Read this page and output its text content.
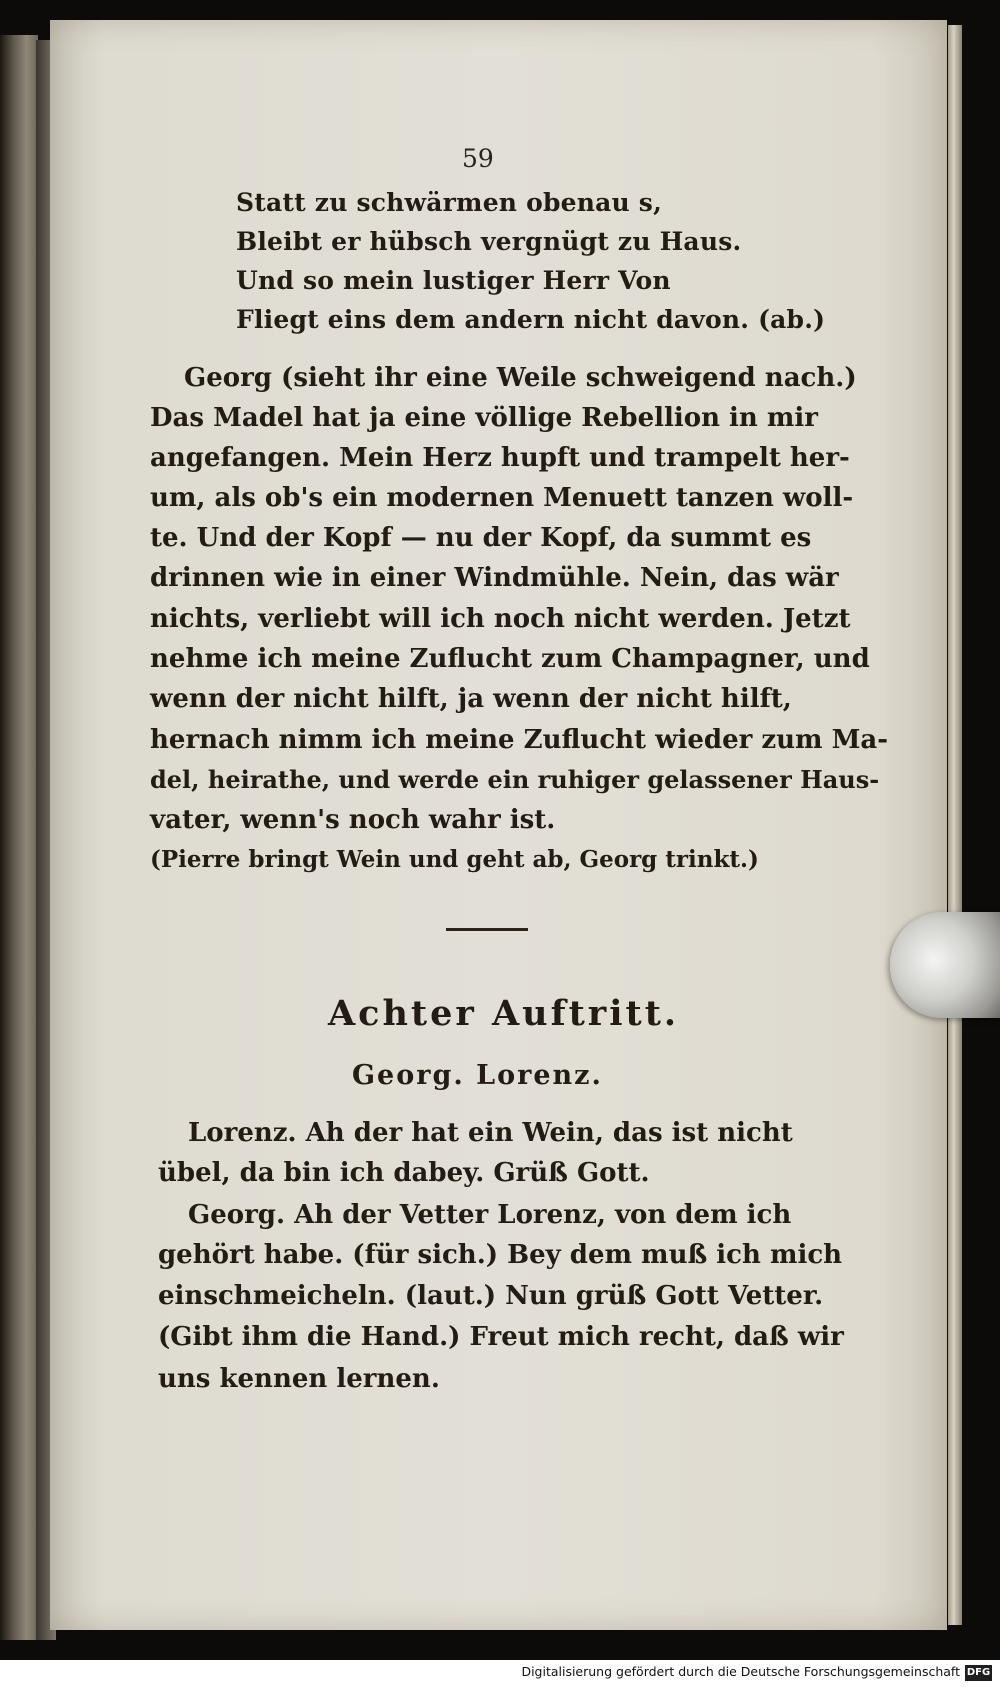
59

Statt zu schwärmen obenau s,

Bleibt er hübsch vergnügt zu Haus.

Und so mein lustiger Herr Von

Fliegt eins dem andern nicht davon. (ab.)

Georg (sieht ihr eine Weile schweigend nach.)

Das Madel hat ja eine völlige Rebellion in mir

angefangen. Mein Herz hupft und trampelt her-

um, als ob's ein modernen Menuett tanzen woll-

te. Und der Kopf — nu der Kopf, da summt es

drinnen wie in einer Windmühle. Nein, das wär

nichts, verliebt will ich noch nicht werden. Jetzt

nehme ich meine Zuflucht zum Champagner, und

wenn der nicht hilft, ja wenn der nicht hilft,

hernach nimm ich meine Zuflucht wieder zum Ma-

del, heirathe, und werde ein ruhiger gelassener Haus-

vater, wenn's noch wahr ist.

(Pierre bringt Wein und geht ab, Georg trinkt.)

Achter Auftritt.

Georg. Lorenz.

Lorenz. Ah der hat ein Wein, das ist nicht

übel, da bin ich dabey. Grüß Gott.

Georg. Ah der Vetter Lorenz, von dem ich

gehört habe. (für sich.) Bey dem muß ich mich

einschmeicheln. (laut.) Nun grüß Gott Vetter.

(Gibt ihm die Hand.) Freut mich recht, daß wir

uns kennen lernen.

Digitalisierung gefördert durch die Deutsche Forschungsgemeinschaft DFG
